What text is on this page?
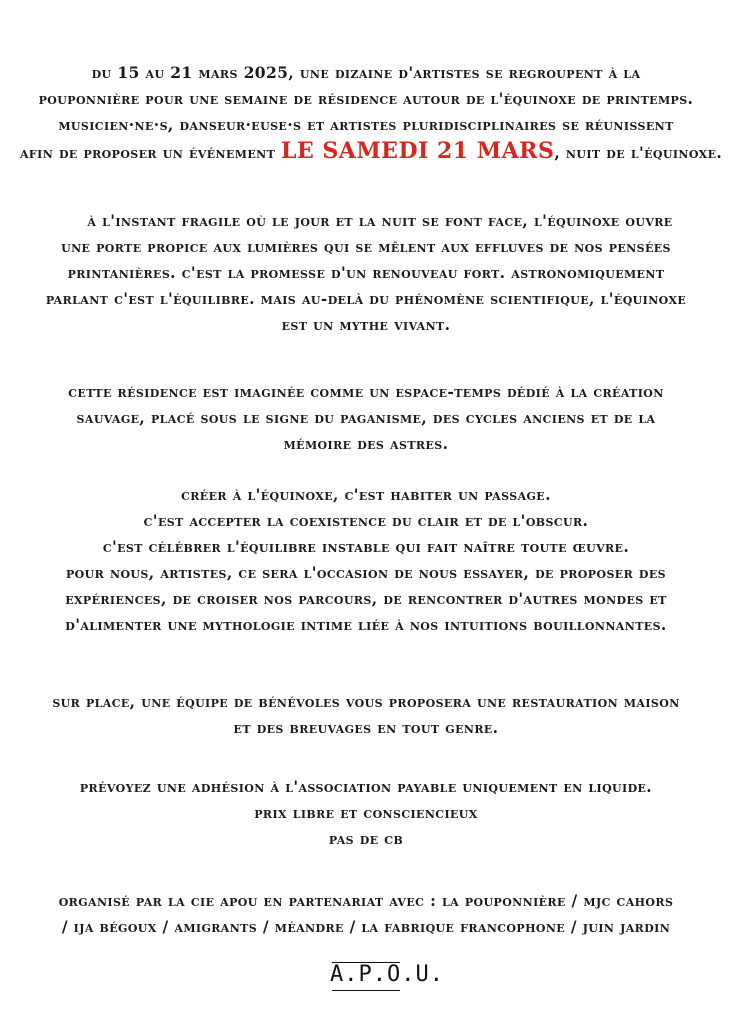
du 15 au 21 mars 2025, une dizaine d'artistes se regroupent à la
pouponnière pour une semaine de résidence autour de l'équinoxe de printemps.
musicien·ne·s, danseur·euse·s et artistes pluridisciplinaires se réunissent
afin de proposer un événement LE SAMEDI 21 MARS, nuit de l'équinoxe.
à l'instant fragile où le jour et la nuit se font face, l'équinoxe ouvre
une porte propice aux lumières qui se mêlent aux effluves de nos pensées
printanières. c'est la promesse d'un renouveau fort. astronomiquement
parlant c'est l'équilibre. mais au-delà du phénomène scientifique, l'équinoxe
est un mythe vivant.
cette résidence est imaginée comme un espace-temps dédié à la création
sauvage, placé sous le signe du paganisme, des cycles anciens et de la
mémoire des astres.
créer à l'équinoxe, c'est habiter un passage.
c'est accepter la coexistence du clair et de l'obscur.
c'est célébrer l'équilibre instable qui fait naître toute œuvre.
pour nous, artistes, ce sera l'occasion de nous essayer, de proposer des
expériences, de croiser nos parcours, de rencontrer d'autres mondes et
d'alimenter une mythologie intime liée à nos intuitions bouillonnantes.
sur place, une équipe de bénévoles vous proposera une restauration maison
et des breuvages en tout genre.
prévoyez une adhésion à l'association payable uniquement en liquide.
prix libre et consciencieux
pas de cb
organisé par la cie apou en partenariat avec : la pouponnière / mjc cahors
/ ija bégoux / amigrants / méandre / la fabrique francophone / juin jardin
A.P.O.U.
